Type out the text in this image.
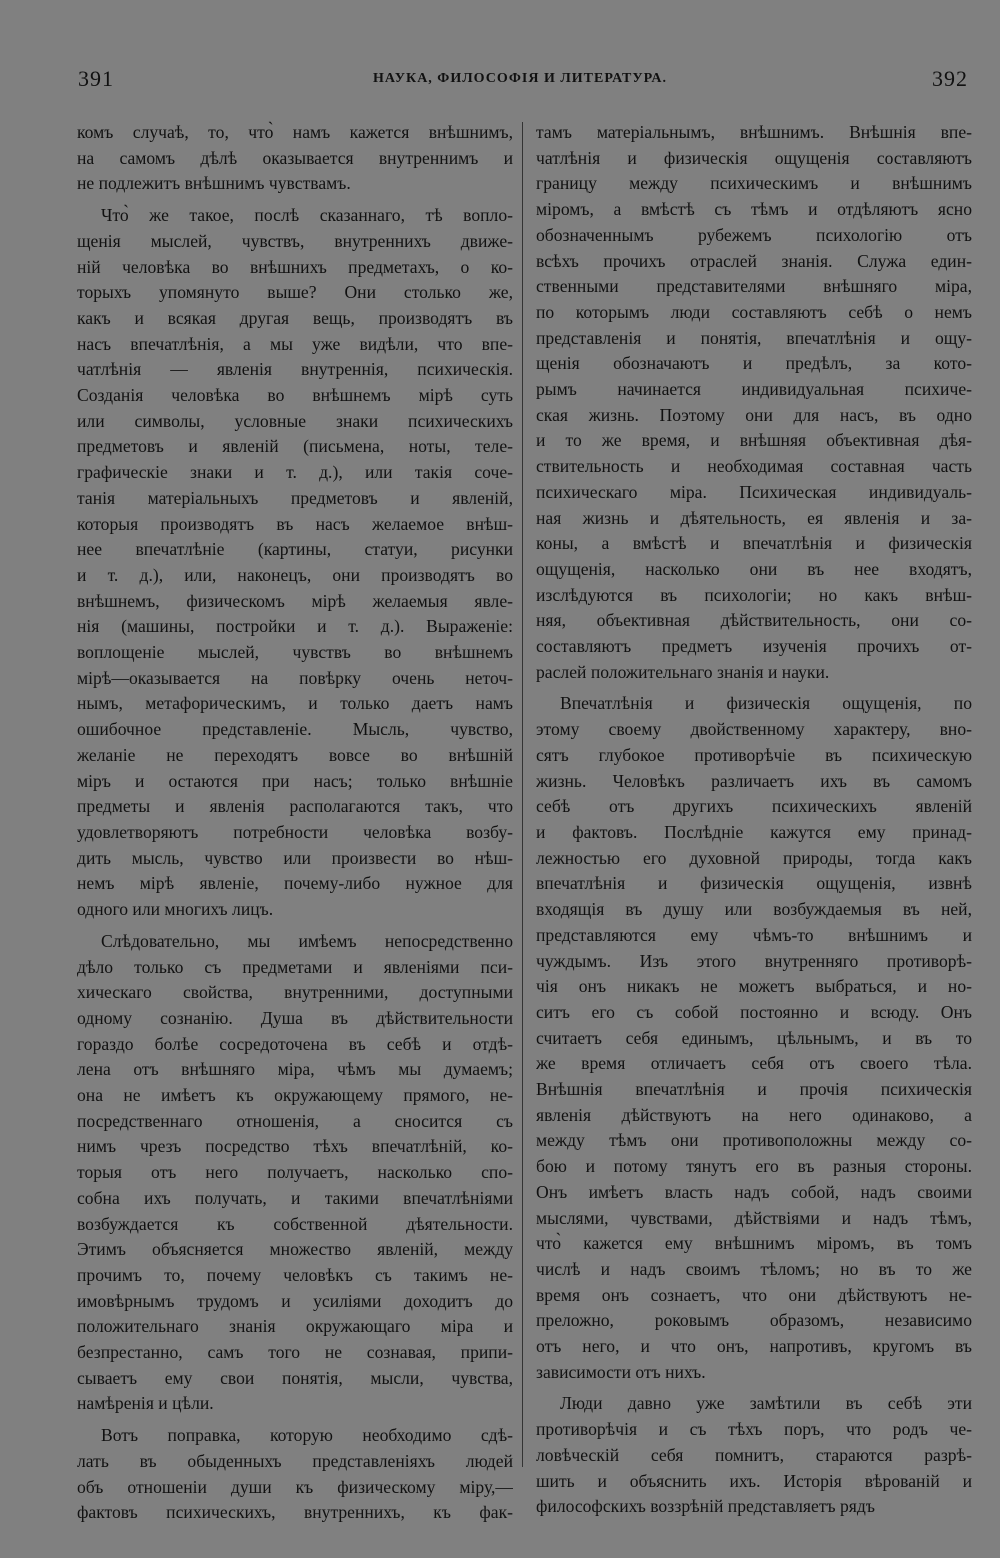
391	НАУКА, ФИЛОСОФІЯ И ЛИТЕРАТУРА.	392
комъ случаѣ, то, что̀ намъ кажется внѣшнимъ,
на самомъ дѣлѣ оказывается внутреннимъ и
не подлежитъ внѣшнимъ чувствамъ.
Что̀ же такое, послѣ сказаннаго, тѣ вопло-
щенія мыслей, чувствъ, внутреннихъ движе-
ній человѣка во внѣшнихъ предметахъ, о ко-
торыхъ упомянуто выше? Они столько же,
какъ и всякая другая вещь, производятъ въ
насъ впечатлѣнія, а мы уже видѣли, что впе-
чатлѣнія — явленія внутреннія, психическія.
Созданія человѣка во внѣшнемъ мірѣ суть
или символы, условные знаки психическихъ
предметовъ и явленій (письмена, ноты, теле-
графическіе знаки и т. д.), или такія соче-
танія матеріальныхъ предметовъ и явленій,
которыя производятъ въ насъ желаемое внѣш-
нее впечатлѣніе (картины, статуи, рисунки
и т. д.), или, наконецъ, они производятъ во
внѣшнемъ, физическомъ мірѣ желаемыя явле-
нія (машины, постройки и т. д.). Выраженіе:
воплощеніе мыслей, чувствъ во внѣшнемъ
мірѣ—оказывается на повѣрку очень неточ-
нымъ, метафорическимъ, и только даетъ намъ
ошибочное представленіе. Мысль, чувство,
желаніе не переходятъ вовсе во внѣшній
міръ и остаются при насъ; только внѣшніе
предметы и явленія располагаются такъ, что
удовлетворяютъ потребности человѣка возбу-
дить мысль, чувство или произвести во нѣш-
немъ мірѣ явленіе, почему-либо нужное для
одного или многихъ лицъ.
Слѣдовательно, мы имѣемъ непосредственно
дѣло только съ предметами и явленіями пси-
хическаго свойства, внутренними, доступными
одному сознанію. Душа въ дѣйствительности
гораздо болѣе сосредоточена въ себѣ и отдѣ-
лена отъ внѣшняго міра, чѣмъ мы думаемъ;
она не имѣетъ къ окружающему прямого, не-
посредственнаго отношенія, а сносится съ
нимъ чрезъ посредство тѣхъ впечатлѣній, ко-
торыя отъ него получаетъ, насколько спо-
собна ихъ получать, и такими впечатлѣніями
возбуждается къ собственной дѣятельности.
Этимъ объясняется множество явленій, между
прочимъ то, почему человѣкъ съ такимъ не-
имовѣрнымъ трудомъ и усиліями доходитъ до
положительнаго знанія окружающаго міра и
безпрестанно, самъ того не сознавая, припи-
сываетъ ему свои понятія, мысли, чувства,
намѣренія и цѣли.
Вотъ поправка, которую необходимо сдѣ-
лать въ обыденныхъ представленіяхъ людей
объ отношеніи души къ физическому міру,—
фактовъ психическихъ, внутреннихъ, къ фак-
тамъ матеріальнымъ, внѣшнимъ. Внѣшнія впе-
чатлѣнія и физическія ощущенія составляютъ
границу между психическимъ и внѣшнимъ
міромъ, а вмѣстѣ съ тѣмъ и отдѣляютъ ясно
обозначеннымъ рубежемъ психологію отъ
всѣхъ прочихъ отраслей знанія. Служа един-
ственными представителями внѣшняго міра,
по которымъ люди составляютъ себѣ о немъ
представленія и понятія, впечатлѣнія и ощу-
щенія обозначаютъ и предѣлъ, за кото-
рымъ начинается индивидуальная психиче-
ская жизнь. Поэтому они для насъ, въ одно
и то же время, и внѣшняя объективная дѣя-
ствительность и необходимая составная часть
психическаго міра. Психическая индивидуаль-
ная жизнь и дѣятельность, ея явленія и за-
коны, а вмѣстѣ и впечатлѣнія и физическія
ощущенія, насколько они въ нее входятъ,
изслѣдуются въ психологіи; но какъ внѣш-
няя, объективная дѣйствительность, они со-
составляютъ предметъ изученія прочихъ от-
раслей положительнаго знанія и науки.
Впечатлѣнія и физическія ощущенія, по
этому своему двойственному характеру, вно-
сятъ глубокое противорѣчіе въ психическую
жизнь. Человѣкъ различаетъ ихъ въ самомъ
себѣ отъ другихъ психическихъ явленій
и фактовъ. Послѣдніе кажутся ему принад-
лежностью его духовной природы, тогда какъ
впечатлѣнія и физическія ощущенія, извнѣ
входящія въ душу или возбуждаемыя въ ней,
представляются ему чѣмъ-то внѣшнимъ и
чуждымъ. Изъ этого внутренняго противорѣ-
чія онъ никакъ не можетъ выбраться, и но-
ситъ его съ собой постоянно и всюду. Онъ
считаетъ себя единымъ, цѣльнымъ, и въ то
же время отличаетъ себя отъ своего тѣла.
Внѣшнія впечатлѣнія и прочія психическія
явленія дѣйствуютъ на него одинаково, а
между тѣмъ они противоположны между со-
бою и потому тянутъ его въ разныя стороны.
Онъ имѣетъ власть надъ собой, надъ своими
мыслями, чувствами, дѣйствіями и надъ тѣмъ,
что̀ кажется ему внѣшнимъ міромъ, въ томъ
числѣ и надъ своимъ тѣломъ; но въ то же
время онъ сознаетъ, что они дѣйствуютъ не-
преложно, роковымъ образомъ, независимо
отъ него, и что онъ, напротивъ, кругомъ въ
зависимости отъ нихъ.
Люди давно уже замѣтили въ себѣ эти
противорѣчія и съ тѣхъ поръ, что родъ че-
ловѣческій себя помнитъ, стараются разрѣ-
шить и объяснить ихъ. Исторія вѣрованій и
философскихъ воззрѣній представляетъ рядъ
